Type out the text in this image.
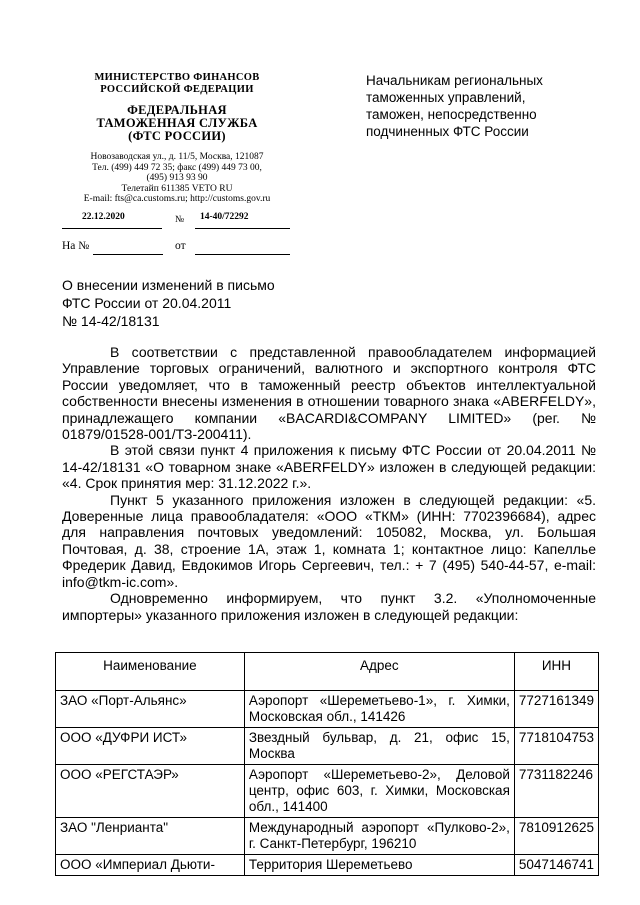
МИНИСТЕРСТВО ФИНАНСОВ
РОССИЙСКОЙ ФЕДЕРАЦИИ
ФЕДЕРАЛЬНАЯ
ТАМОЖЕННАЯ СЛУЖБА
(ФТС РОССИИ)
Новозаводская ул., д. 11/5, Москва, 121087
Тел. (499) 449 72 35; факс (499) 449 73 00,
(495) 913 93 90
Телетайп 611385 VETO RU
E-mail: fts@ca.customs.ru; http://customs.gov.ru
22.12.2020	№ 14-40/72292
На №	от
Начальникам региональных
таможенных управлений,
таможен, непосредственно
подчиненных ФТС России
О внесении изменений в письмо
ФТС России от 20.04.2011
№ 14-42/18131

В соответствии с представленной правообладателем информацией Управление торговых ограничений, валютного и экспортного контроля ФТС России уведомляет, что в таможенный реестр объектов интеллектуальной собственности внесены изменения в отношении товарного знака «ABERFELDY», принадлежащего компании «BACARDI&COMPANY LIMITED» (рег. № 01879/01528-001/ТЗ-200411).

В этой связи пункт 4 приложения к письму ФТС России от 20.04.2011 № 14-42/18131 «О товарном знаке «ABERFELDY» изложен в следующей редакции: «4. Срок принятия мер: 31.12.2022 г.».

Пункт 5 указанного приложения изложен в следующей редакции: «5. Доверенные лица правообладателя: «ООО «ТКМ» (ИНН: 7702396684), адрес для направления почтовых уведомлений: 105082, Москва, ул. Большая Почтовая, д. 38, строение 1А, этаж 1, комната 1; контактное лицо: Капеллье Фредерик Давид, Евдокимов Игорь Сергеевич, тел.: + 7 (495) 540-44-57, e-mail: info@tkm-ic.com».

Одновременно информируем, что пункт 3.2. «Уполномоченные импортеры» указанного приложения изложен в следующей редакции:

Наименование	Адрес	ИНН
ЗАО «Порт-Альянс»	Аэропорт «Шереметьево-1», г. Химки, Московская обл., 141426	7727161349
ООО «ДУФРИ ИСТ»	Звездный бульвар, д. 21, офис 15, Москва	7718104753
ООО «РЕГСТАЭР»	Аэропорт «Шереметьево-2», Деловой центр, офис 603, г. Химки, Московская обл., 141400	7731182246
ЗАО "Ленрианта"	Международный аэропорт «Пулково-2», г. Санкт-Петербург, 196210	7810912625
ООО «Империал Дьюти-	Территория Шереметьево	5047146741
